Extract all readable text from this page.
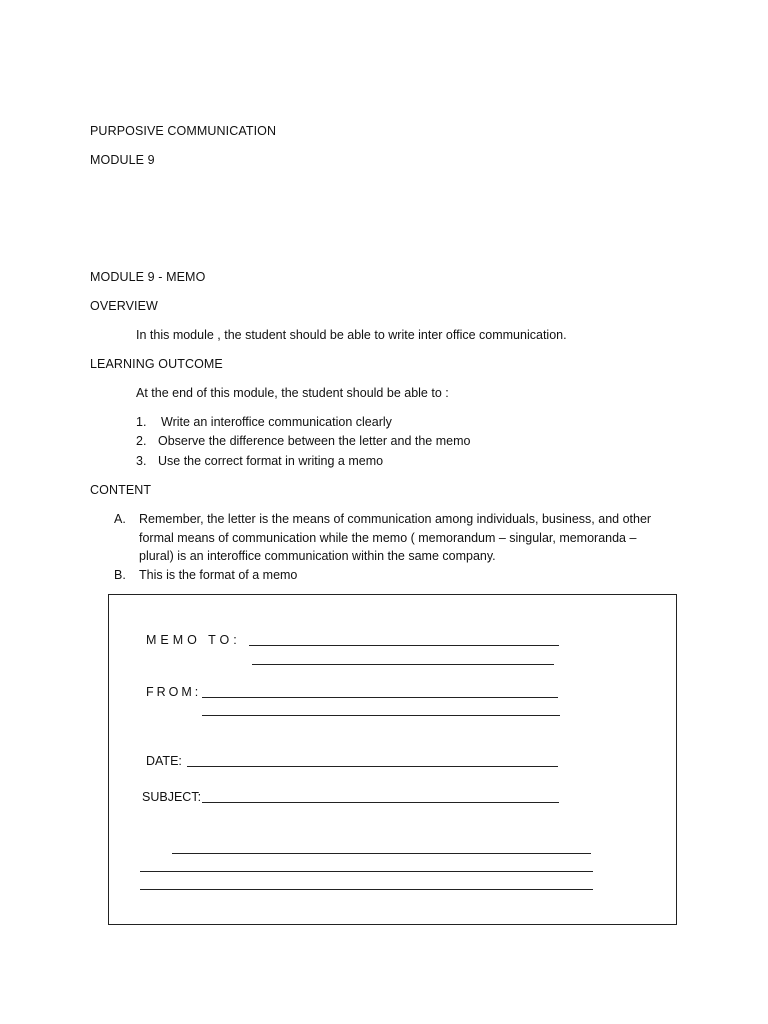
PURPOSIVE COMMUNICATION
MODULE 9
MODULE 9 - MEMO
OVERVIEW
In this module , the student should be able to write inter office communication.
LEARNING OUTCOME
At the end of this module, the student should be able to :
1. Write an interoffice communication clearly
2. Observe the difference between the letter and the memo
3. Use the correct format in writing a memo
CONTENT
A. Remember, the letter is the means of communication among individuals, business, and other formal means of communication while the memo ( memorandum – singular, memoranda – plural) is an interoffice communication within the same company.
B. This is the format of a memo
MEMO TO:
FROM:
DATE:
SUBJECT:
